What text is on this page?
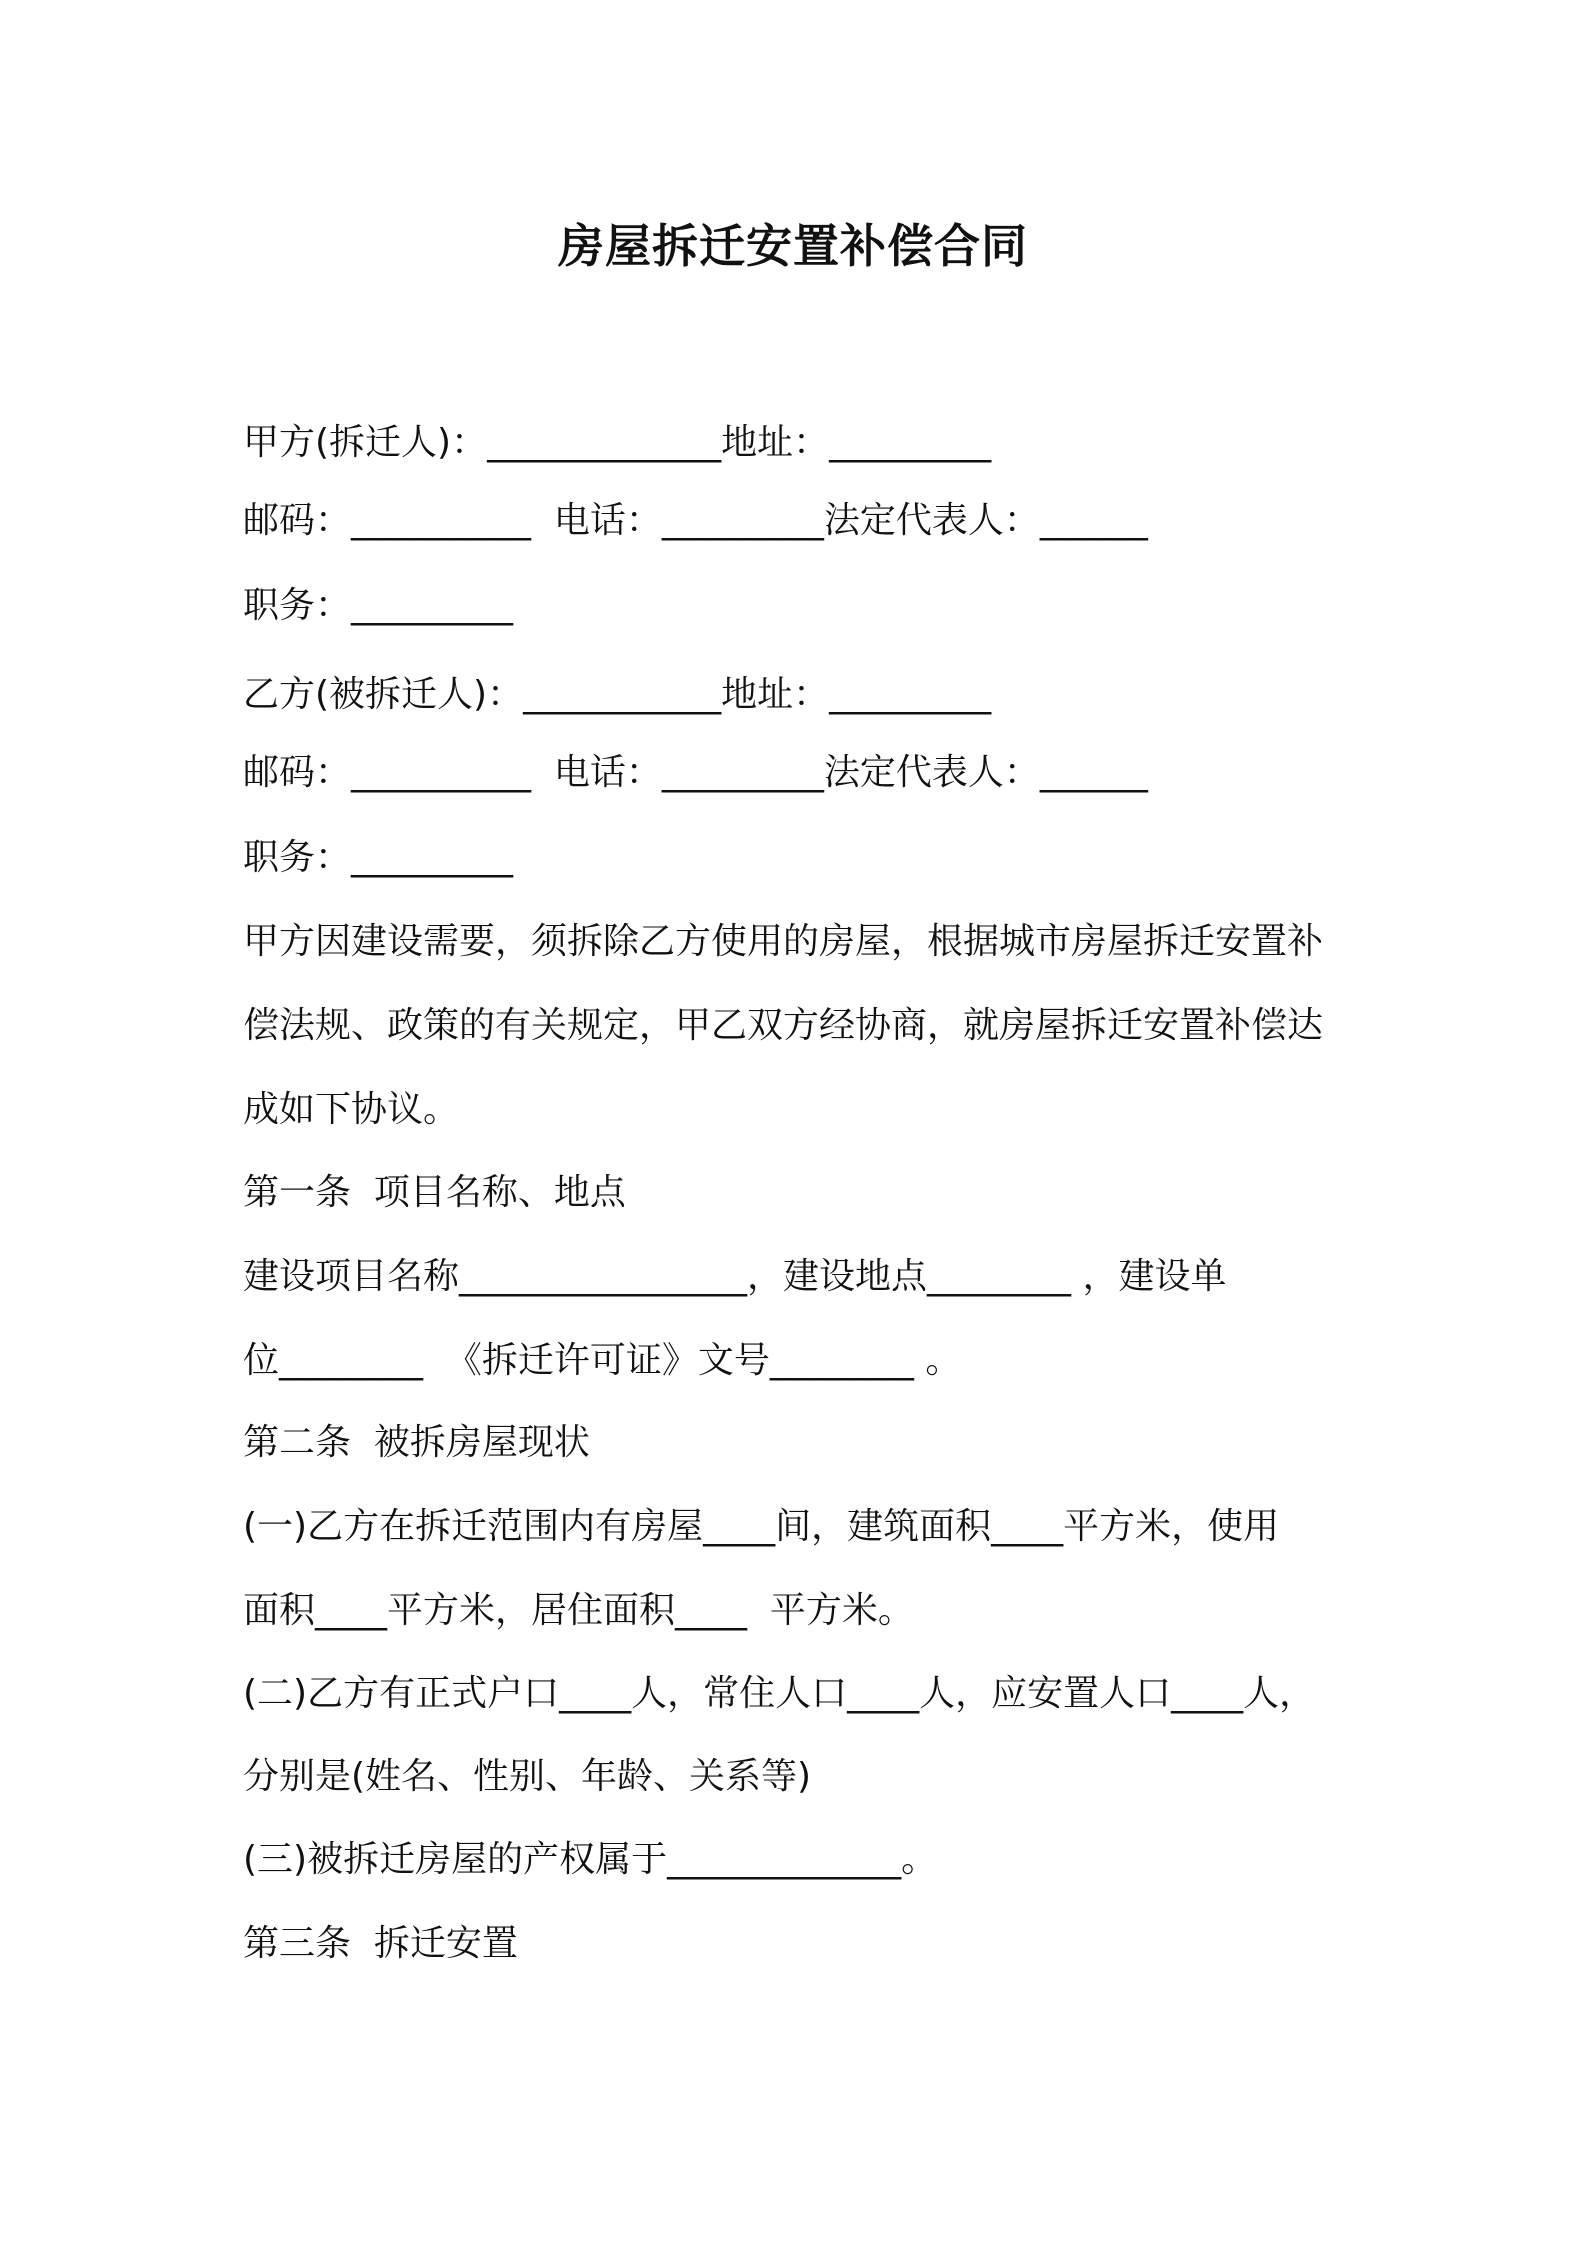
房屋拆迁安置补偿合同
甲方(拆迁人)：_____________地址：_________
邮码：__________  电话：_________法定代表人：______
职务：_________
乙方(被拆迁人)：___________地址：_________
邮码：__________  电话：_________法定代表人：______
职务：_________
甲方因建设需要，须拆除乙方使用的房屋，根据城市房屋拆迁安置补
偿法规、政策的有关规定，甲乙双方经协商，就房屋拆迁安置补偿达
成如下协议。
第一条  项目名称、地点
建设项目名称________________，建设地点________ ，建设单
位________  《拆迁许可证》文号________ 。
第二条  被拆房屋现状
(一)乙方在拆迁范围内有房屋____间，建筑面积____平方米，使用
面积____平方米，居住面积____  平方米。
(二)乙方有正式户口____人，常住人口____人，应安置人口____人，
分别是(姓名、性别、年龄、关系等)
(三)被拆迁房屋的产权属于_____________。
第三条  拆迁安置
